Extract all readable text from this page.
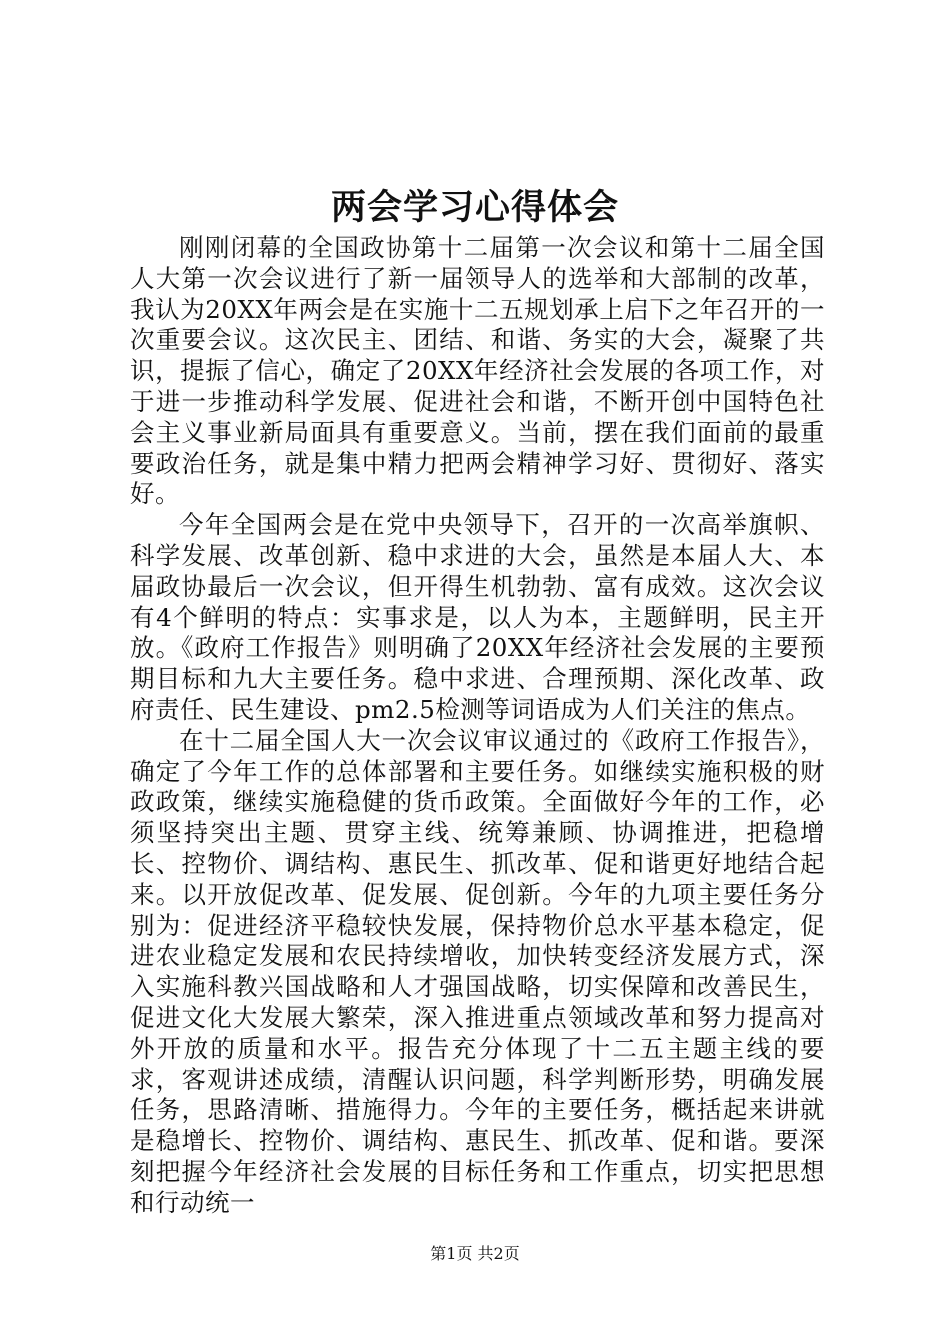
两会学习心得体会

刚刚闭幕的全国政协第十二届第一次会议和第十二届全国人大第一次会议进行了新一届领导人的选举和大部制的改革，我认为20XX年两会是在实施十二五规划承上启下之年召开的一次重要会议。这次民主、团结、和谐、务实的大会，凝聚了共识，提振了信心，确定了20XX年经济社会发展的各项工作，对于进一步推动科学发展、促进社会和谐，不断开创中国特色社会主义事业新局面具有重要意义。当前，摆在我们面前的最重要政治任务，就是集中精力把两会精神学习好、贯彻好、落实好。

今年全国两会是在党中央领导下，召开的一次高举旗帜、科学发展、改革创新、稳中求进的大会，虽然是本届人大、本届政协最后一次会议，但开得生机勃勃、富有成效。这次会议有4个鲜明的特点：实事求是，以人为本，主题鲜明，民主开放。《政府工作报告》则明确了20XX年经济社会发展的主要预期目标和九大主要任务。稳中求进、合理预期、深化改革、政府责任、民生建设、pm2.5检测等词语成为人们关注的焦点。

在十二届全国人大一次会议审议通过的《政府工作报告》，确定了今年工作的总体部署和主要任务。如继续实施积极的财政政策，继续实施稳健的货币政策。全面做好今年的工作，必须坚持突出主题、贯穿主线、统筹兼顾、协调推进，把稳增长、控物价、调结构、惠民生、抓改革、促和谐更好地结合起来。以开放促改革、促发展、促创新。今年的九项主要任务分别为：促进经济平稳较快发展，保持物价总水平基本稳定，促进农业稳定发展和农民持续增收，加快转变经济发展方式，深入实施科教兴国战略和人才强国战略，切实保障和改善民生，促进文化大发展大繁荣，深入推进重点领域改革和努力提高对外开放的质量和水平。报告充分体现了十二五主题主线的要求，客观讲述成绩，清醒认识问题，科学判断形势，明确发展任务，思路清晰、措施得力。今年的主要任务，概括起来讲就是稳增长、控物价、调结构、惠民生、抓改革、促和谐。要深刻把握今年经济社会发展的目标任务和工作重点，切实把思想和行动统一

第1页 共2页
